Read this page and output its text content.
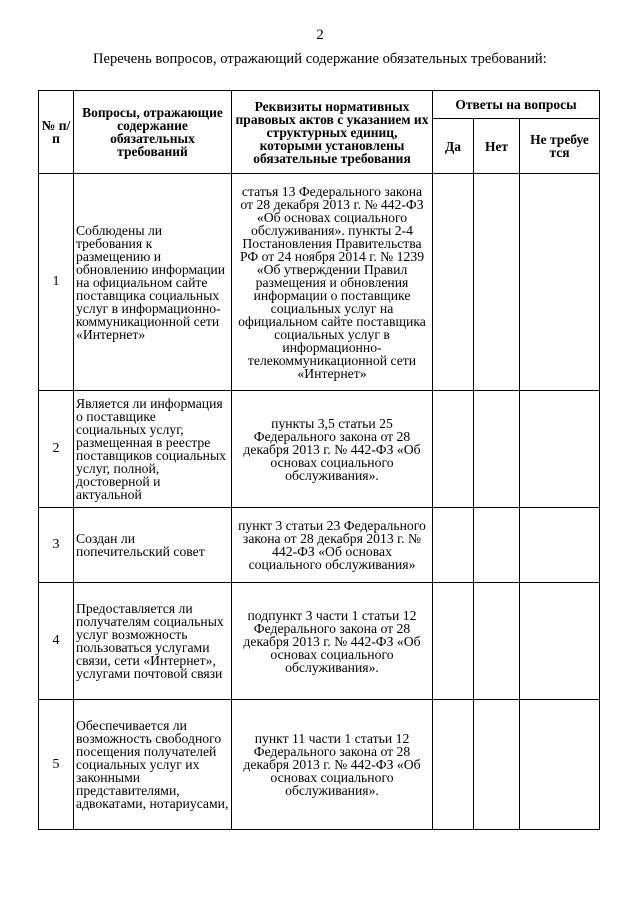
2
Перечень вопросов, отражающий содержание обязательных требований:
№ п/п	Вопросы, отражающие содержание обязательных требований	Реквизиты нормативных правовых актов с указанием их структурных единиц, которыми установлены обязательные требования	Ответы на вопросы		
			Да	Нет	Не требуе тся
1	Соблюдены ли требования к размещению и обновлению информации на официальном сайте поставщика социальных услуг в информационно-коммуникационной сети «Интернет»	статья 13 Федерального закона от 28 декабря 2013 г. № 442-ФЗ «Об основах социального обслуживания». пункты 2-4 Постановления Правительства РФ от 24 ноября 2014 г. № 1239 «Об утверждении Правил размещения и обновления информации о поставщике социальных услуг на официальном сайте поставщика социальных услуг в информационно-телекоммуникационной сети «Интернет»			
2	Является ли информация о поставщике социальных услуг, размещенная в реестре поставщиков социальных услуг, полной, достоверной и актуальной	пункты 3,5 статьи 25 Федерального закона от 28 декабря 2013 г. № 442-ФЗ «Об основах социального обслуживания».			
3	Создан ли попечительский совет	пункт 3 статьи 23 Федерального закона от 28 декабря 2013 г. № 442-ФЗ «Об основах социального обслуживания»			
4	Предоставляется ли получателям социальных услуг возможность пользоваться услугами связи, сети «Интернет», услугами почтовой связи	подпункт 3 части 1 статьи 12 Федерального закона от 28 декабря 2013 г. № 442-ФЗ «Об основах социального обслуживания».			
5	Обеспечивается ли возможность свободного посещения получателей социальных услуг их законными представителями, адвокатами, нотариусами,	пункт 11 части 1 статьи 12 Федерального закона от 28 декабря 2013 г. № 442-ФЗ «Об основах социального обслуживания».			
